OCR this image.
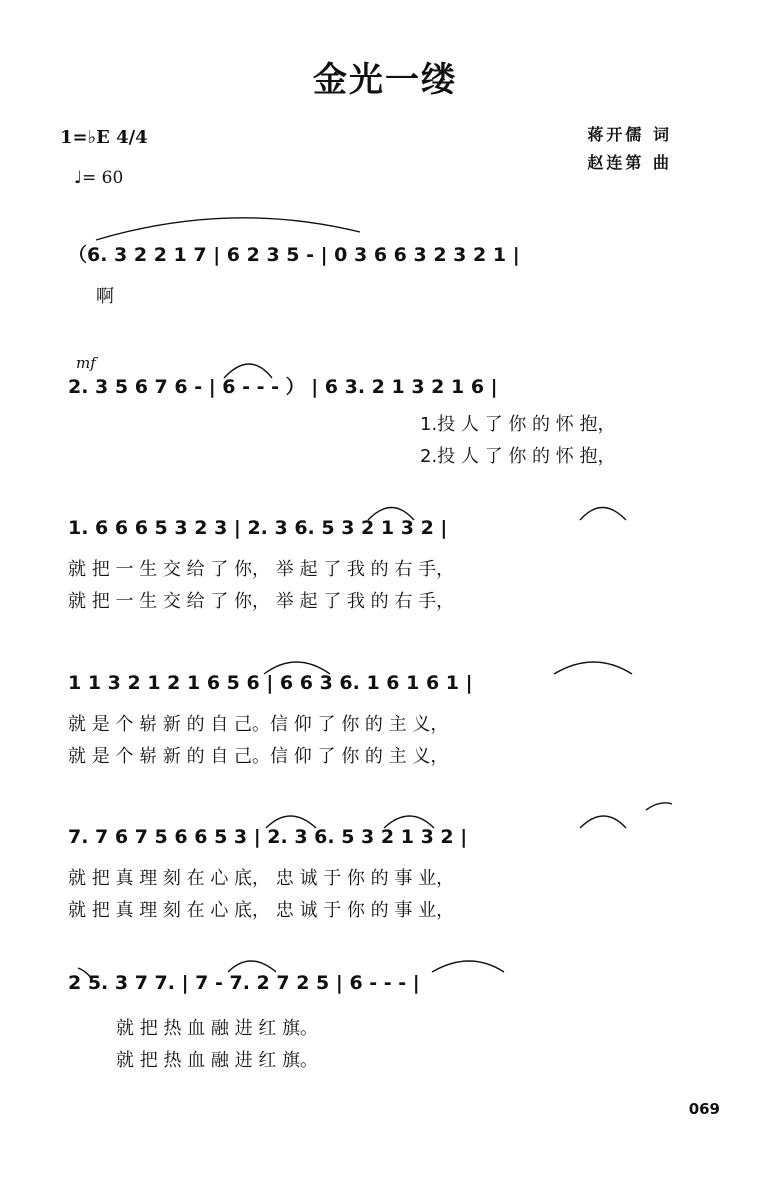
金光一缕
1=♭E 4/4
♩= 60
蒋开儒 词
赵连第 曲
mf
（6. 3 2 2 1 7 | 6 2 3 5 - | 0 3 6 6 3 2 3 2 1 |
啊
2. 3 5 6 7 6 - | 6 - - - ） | 6 3. 2 1 3 2 1 6 |
1.投 人 了 你 的 怀 抱，
2.投 人 了 你 的 怀 抱，
1. 6 6 6 5 3 2 3 | 2. 3 6. 5 3 2 1 3 2 |
就 把 一 生 交 给 了 你， 举 起 了 我 的 右 手，
就 把 一 生 交 给 了 你， 举 起 了 我 的 右 手，
1 1 3 2 1 2 1 6 5 6 | 6 6 3 6. 1 6 1 6 1 |
就 是 个 崭 新 的 自 己。信 仰 了 你 的 主 义，
就 是 个 崭 新 的 自 己。信 仰 了 你 的 主 义，
7. 7 6 7 5 6 6 5 3 | 2. 3 6. 5 3 2 1 3 2 |
就 把 真 理 刻 在 心 底， 忠 诚 于 你 的 事 业，
就 把 真 理 刻 在 心 底， 忠 诚 于 你 的 事 业，
2 5. 3 7 7. | 7 - 7. 2 7 2 5 | 6 - - - |
就 把 热 血 融 进 红 旗。
就 把 热 血 融 进 红 旗。
069
